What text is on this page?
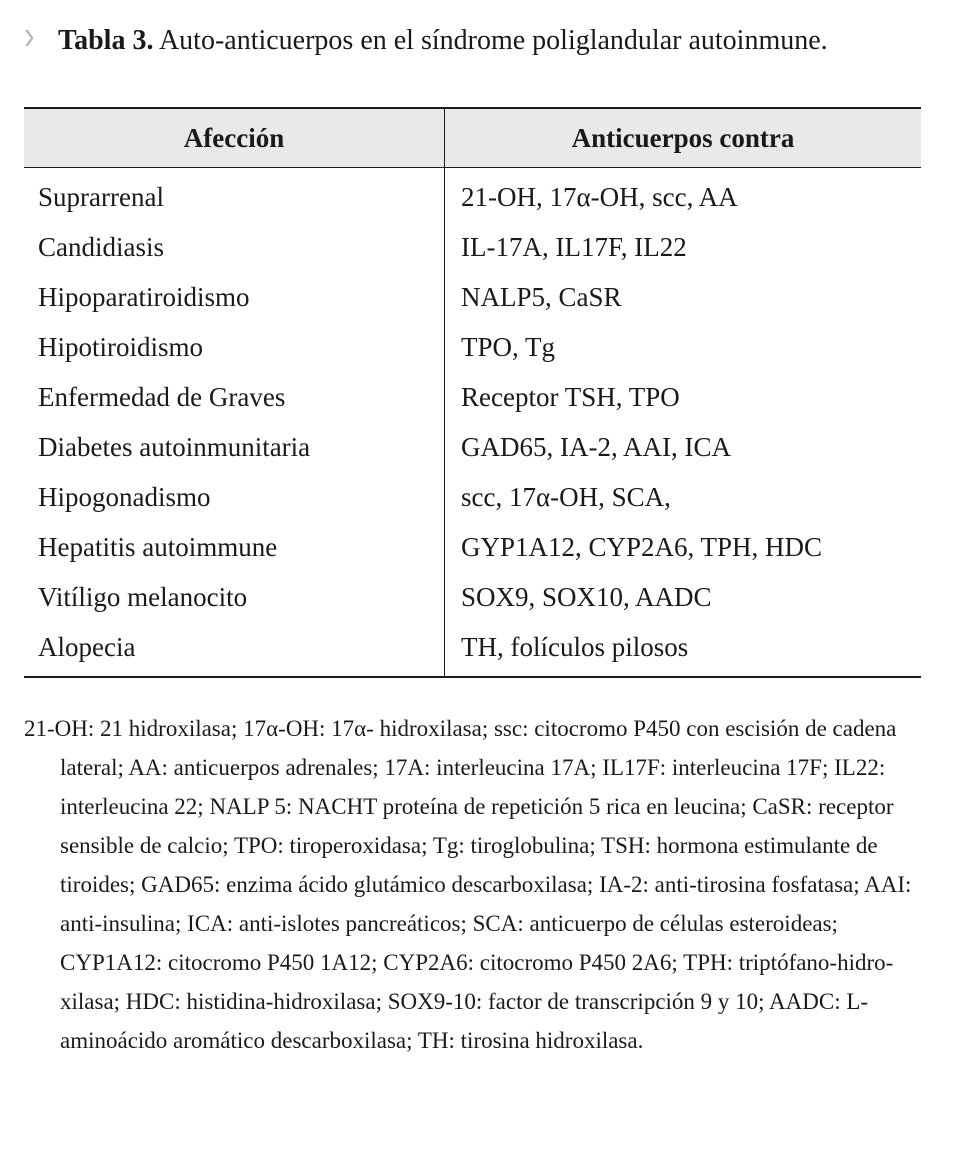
Tabla 3. Auto-anticuerpos en el síndrome poliglandular autoinmune.
Afección	Anticuerpos contra
Suprarrenal	21-OH, 17α-OH, scc, AA
Candidiasis	IL-17A, IL17F, IL22
Hipoparatiroidismo	NALP5, CaSR
Hipotiroidismo	TPO, Tg
Enfermedad de Graves	Receptor TSH, TPO
Diabetes autoinmunitaria	GAD65, IA-2, AAI, ICA
Hipogonadismo	scc, 17α-OH, SCA,
Hepatitis autoimmune	GYP1A12, CYP2A6, TPH, HDC
Vitíligo melanocito	SOX9, SOX10, AADC
Alopecia	TH, folículos pilosos
21-OH: 21 hidroxilasa; 17α-OH: 17α- hidroxilasa; ssc: citocromo P450 con escisión de cadena lateral; AA: anticuerpos adrenales; 17A: interleucina 17A; IL17F: interleucina 17F; IL22: interleucina 22; NALP 5: NACHT proteína de repetición 5 rica en leucina; CaSR: receptor sensible de calcio; TPO: tiroperoxidasa; Tg: tiroglobulina; TSH: hormona estimulante de tiroides; GAD65: enzima ácido glutámico descarboxilasa; IA-2: anti-tirosina fosfatasa; AAI: anti-insulina; ICA: anti-islotes pancreáticos; SCA: anticuerpo de células esteroideas; CYP1A12: citocromo P450 1A12; CYP2A6: citocromo P450 2A6; TPH: triptófano-hidro-xilasa; HDC: histidina-hidroxilasa; SOX9-10: factor de transcripción 9 y 10; AADC: L-aminoácido aromático descarboxilasa; TH: tirosina hidroxilasa.
